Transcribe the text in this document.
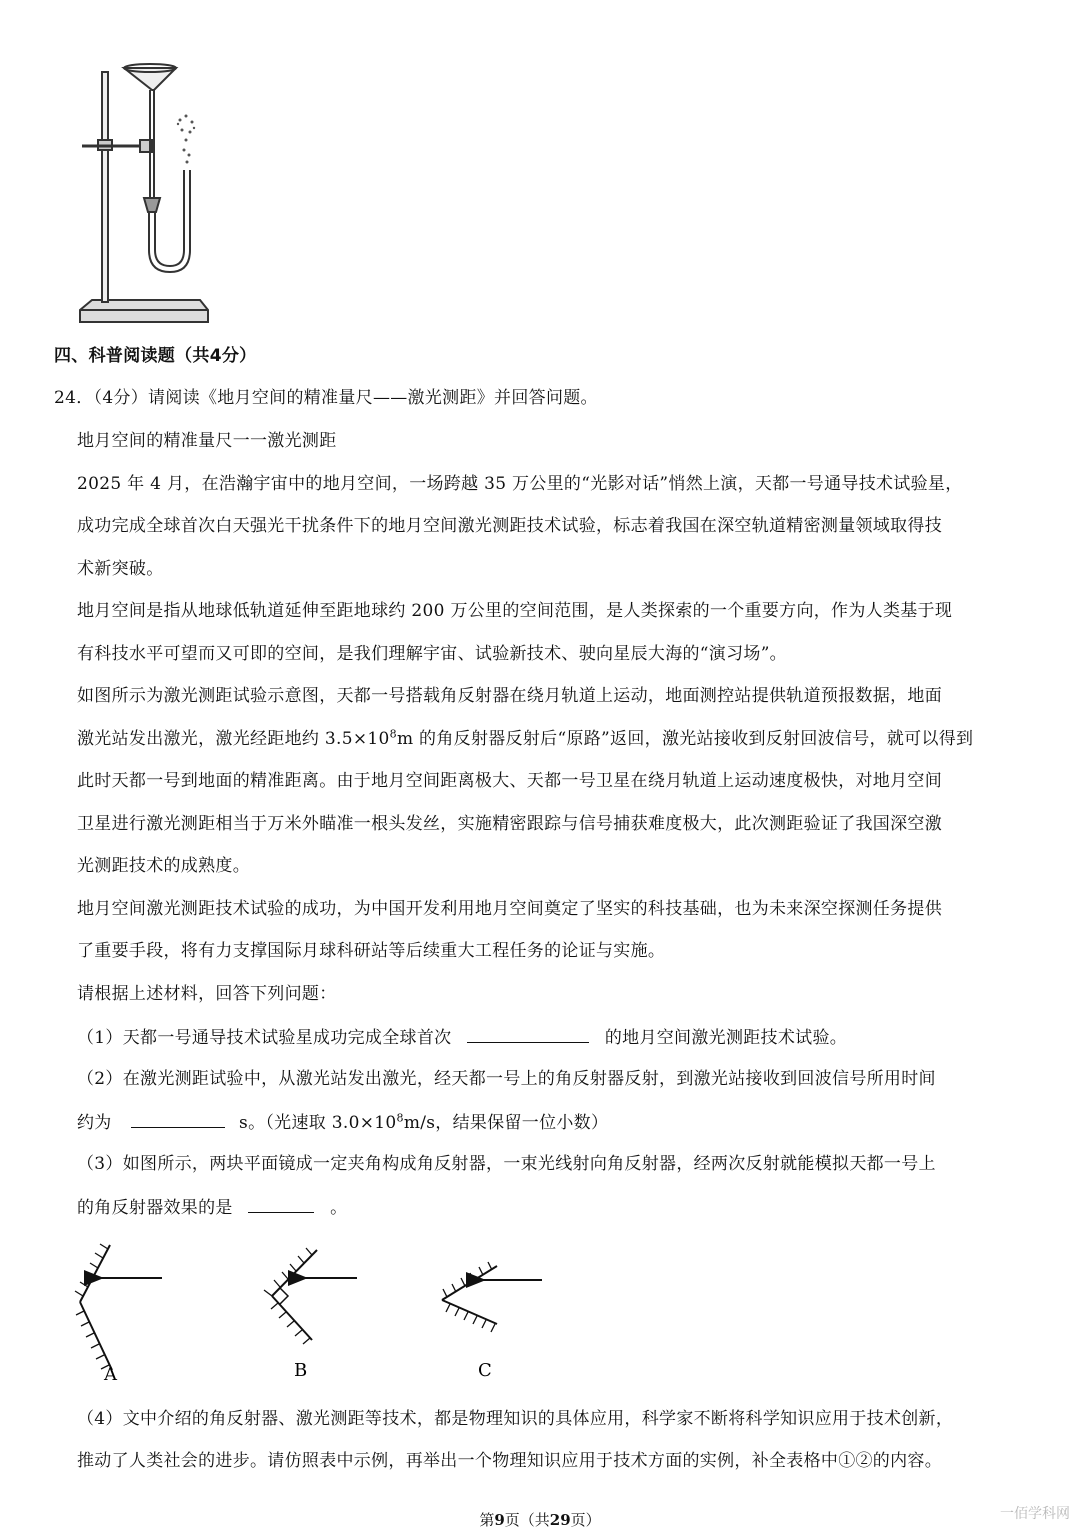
四、科普阅读题（共4分）
24．（4分）请阅读《地月空间的精准量尺——激光测距》并回答问题。
地月空间的精准量尺一一激光测距
2025 年 4 月，在浩瀚宇宙中的地月空间，一场跨越 35 万公里的“光影对话”悄然上演，天都一号通导技术试验星，
成功完成全球首次白天强光干扰条件下的地月空间激光测距技术试验，标志着我国在深空轨道精密测量领域取得技
术新突破。
地月空间是指从地球低轨道延伸至距地球约 200 万公里的空间范围，是人类探索的一个重要方向，作为人类基于现
有科技水平可望而又可即的空间，是我们理解宇宙、试验新技术、驶向星辰大海的“演习场”。
如图所示为激光测距试验示意图，天都一号搭载角反射器在绕月轨道上运动，地面测控站提供轨道预报数据，地面
激光站发出激光，激光经距地约 $3.5\times 10^8m$ 的角反射器反射后“原路”返回，激光站接收到反射回波信号，就可以得到
此时天都一号到地面的精准距离。由于地月空间距离极大、天都一号卫星在绕月轨道上运动速度极快，对地月空间
卫星进行激光测距相当于万米外瞄准一根头发丝，实施精密跟踪与信号捕获难度极大，此次测距验证了我国深空激
光测距技术的成熟度。
地月空间激光测距技术试验的成功，为中国开发利用地月空间奠定了坚实的科技基础，也为未来深空探测任务提供
了重要手段，将有力支撑国际月球科研站等后续重大工程任务的论证与实施。
请根据上述材料，回答下列问题：
（1）天都一号通导技术试验星成功完成全球首次	的地月空间激光测距技术试验。
（2）在激光测距试验中，从激光站发出激光，经天都一号上的角反射器反射，到激光站接收到回波信号所用时间
约为	s。（光速取 $3.0\times 10^8m/s$，结果保留一位小数）
（3）如图所示，两块平面镜成一定夹角构成角反射器，一束光线射向角反射器，经两次反射就能模拟天都一号上
的角反射器效果的是	。
A	B	C
（4）文中介绍的角反射器、激光测距等技术，都是物理知识的具体应用，科学家不断将科学知识应用于技术创新，
推动了人类社会的进步。请仿照表中示例，再举出一个物理知识应用于技术方面的实例，补全表格中①②的内容。
第9页（共29页）	一佰学科网
